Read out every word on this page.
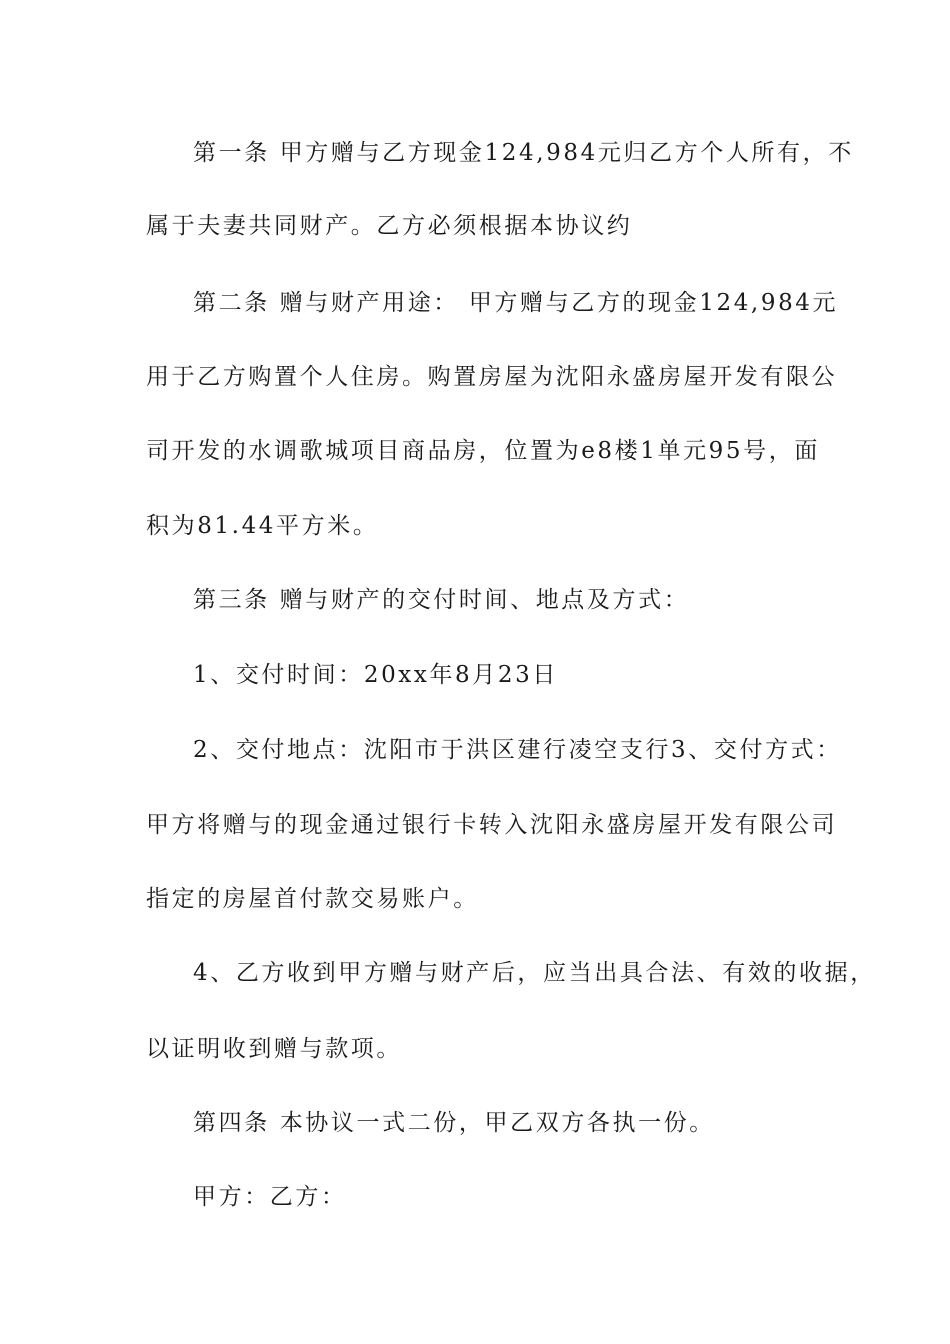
第一条 甲方赠与乙方现金124,984元归乙方个人所有，不
属于夫妻共同财产。乙方必须根据本协议约
第二条 赠与财产用途： 甲方赠与乙方的现金124,984元
用于乙方购置个人住房。购置房屋为沈阳永盛房屋开发有限公
司开发的水调歌城项目商品房，位置为e8楼1单元95号，面
积为81.44平方米。
第三条 赠与财产的交付时间、地点及方式：
1、交付时间：20xx年8月23日
2、交付地点：沈阳市于洪区建行凌空支行3、交付方式：
甲方将赠与的现金通过银行卡转入沈阳永盛房屋开发有限公司
指定的房屋首付款交易账户。
4、乙方收到甲方赠与财产后，应当出具合法、有效的收据，
以证明收到赠与款项。
第四条 本协议一式二份，甲乙双方各执一份。
甲方：乙方：
